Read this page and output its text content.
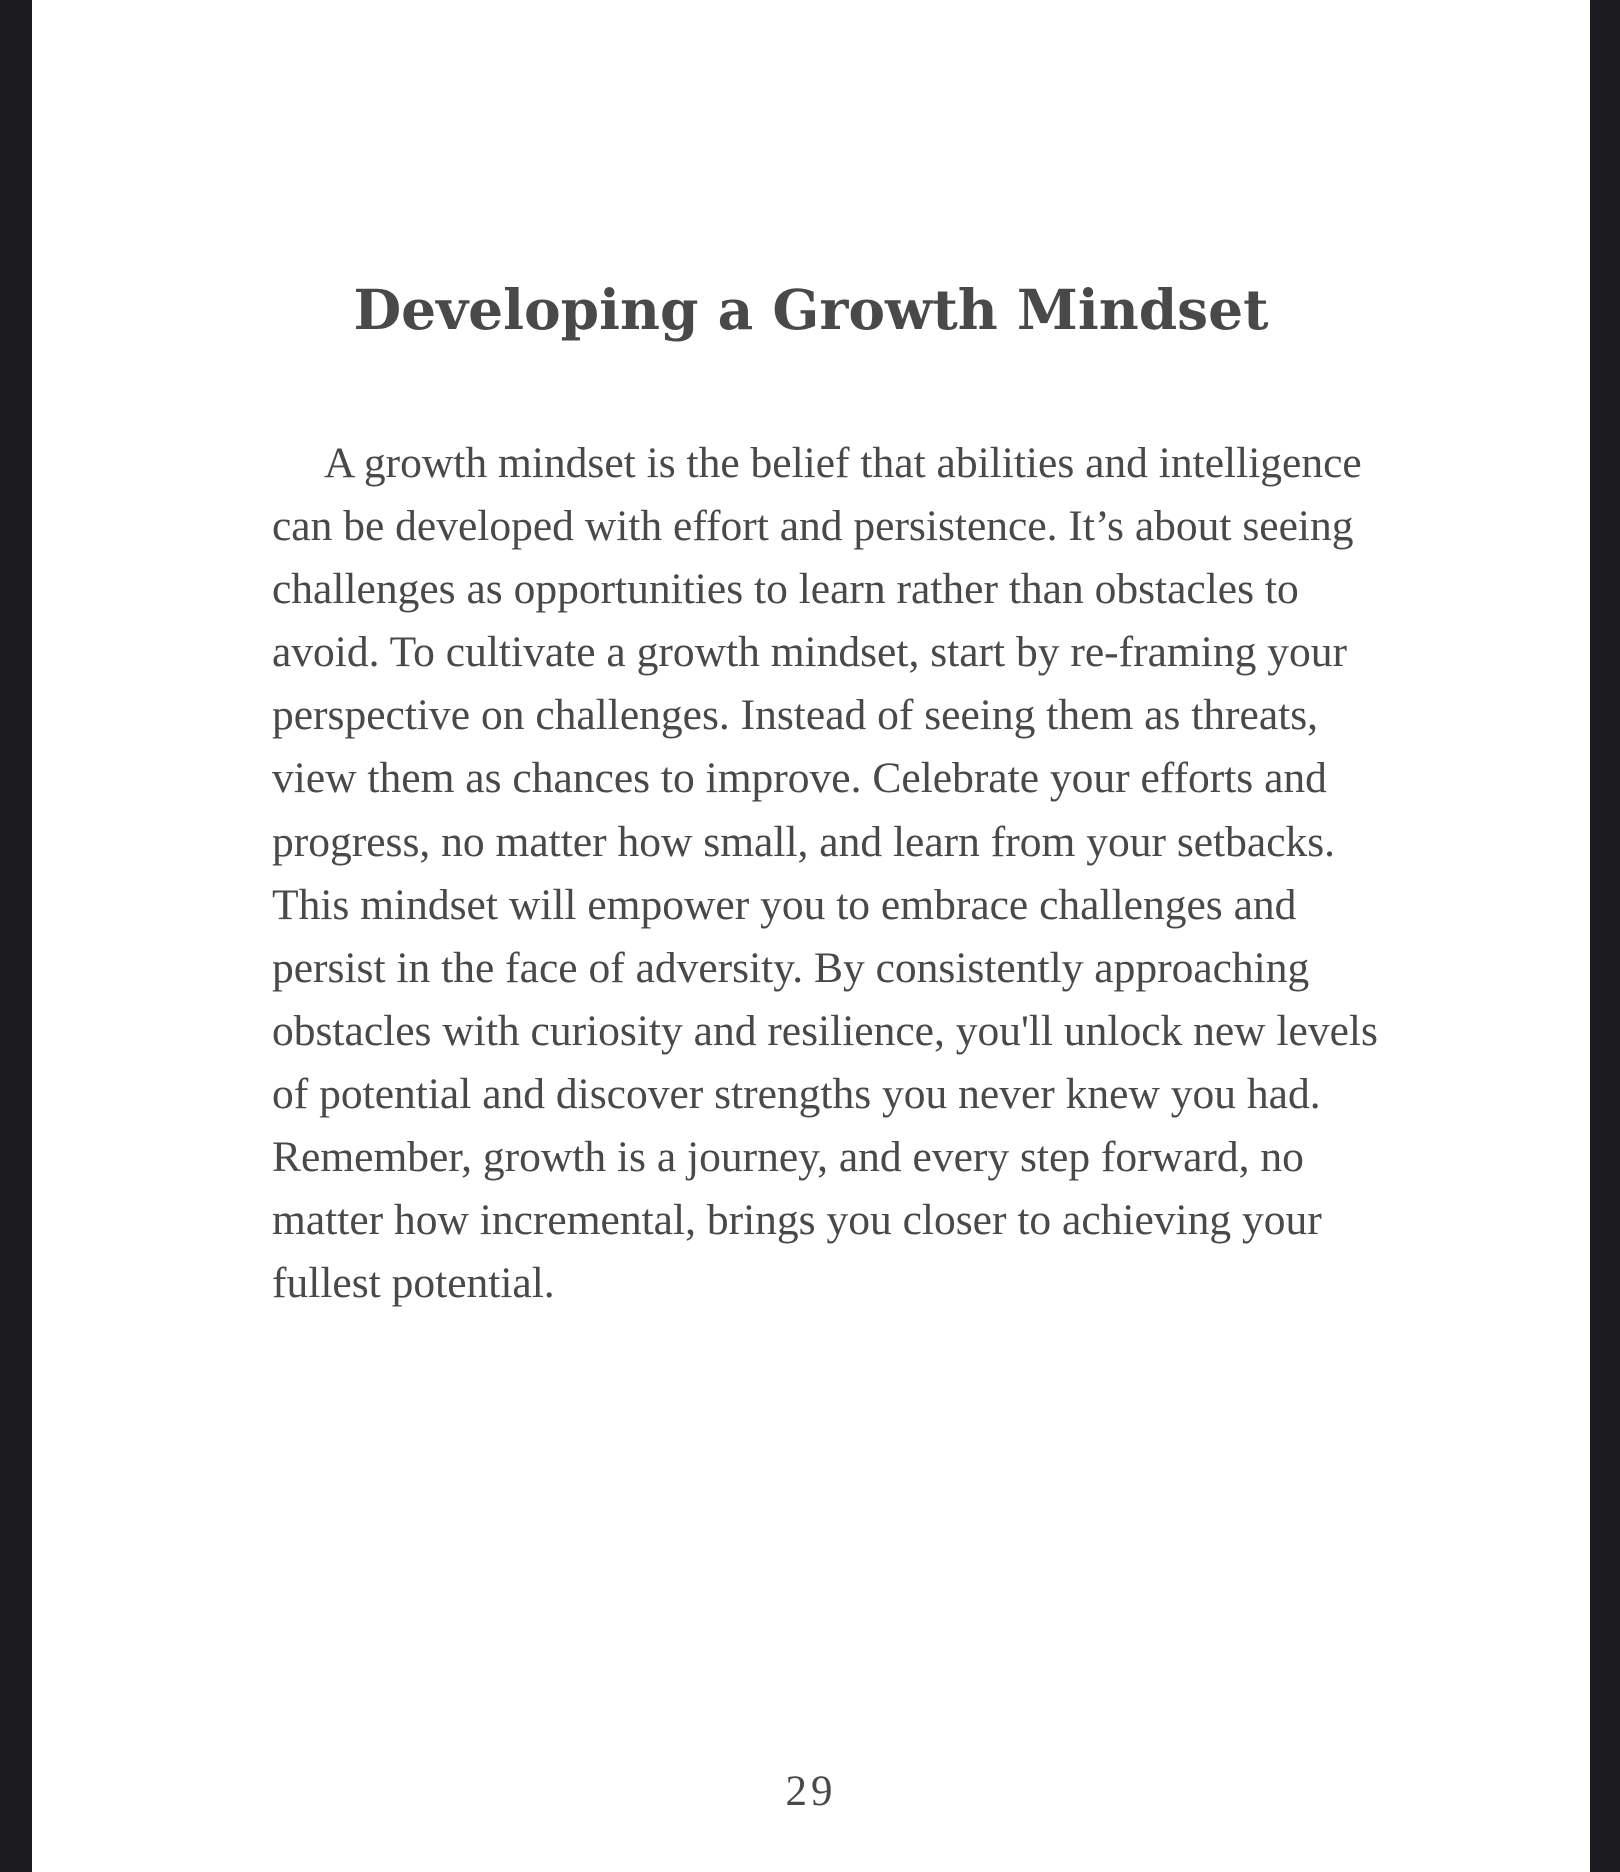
Developing a Growth Mindset

A growth mindset is the belief that abilities and intelligence can be developed with effort and persistence. It’s about seeing challenges as opportunities to learn rather than obstacles to avoid. To cultivate a growth mindset, start by re-framing your perspective on challenges. Instead of seeing them as threats, view them as chances to improve. Celebrate your efforts and progress, no matter how small, and learn from your setbacks. This mindset will empower you to embrace challenges and persist in the face of adversity. By consistently approaching obstacles with curiosity and resilience, you'll unlock new levels of potential and discover strengths you never knew you had. Remember, growth is a journey, and every step forward, no matter how incremental, brings you closer to achieving your fullest potential.

29
